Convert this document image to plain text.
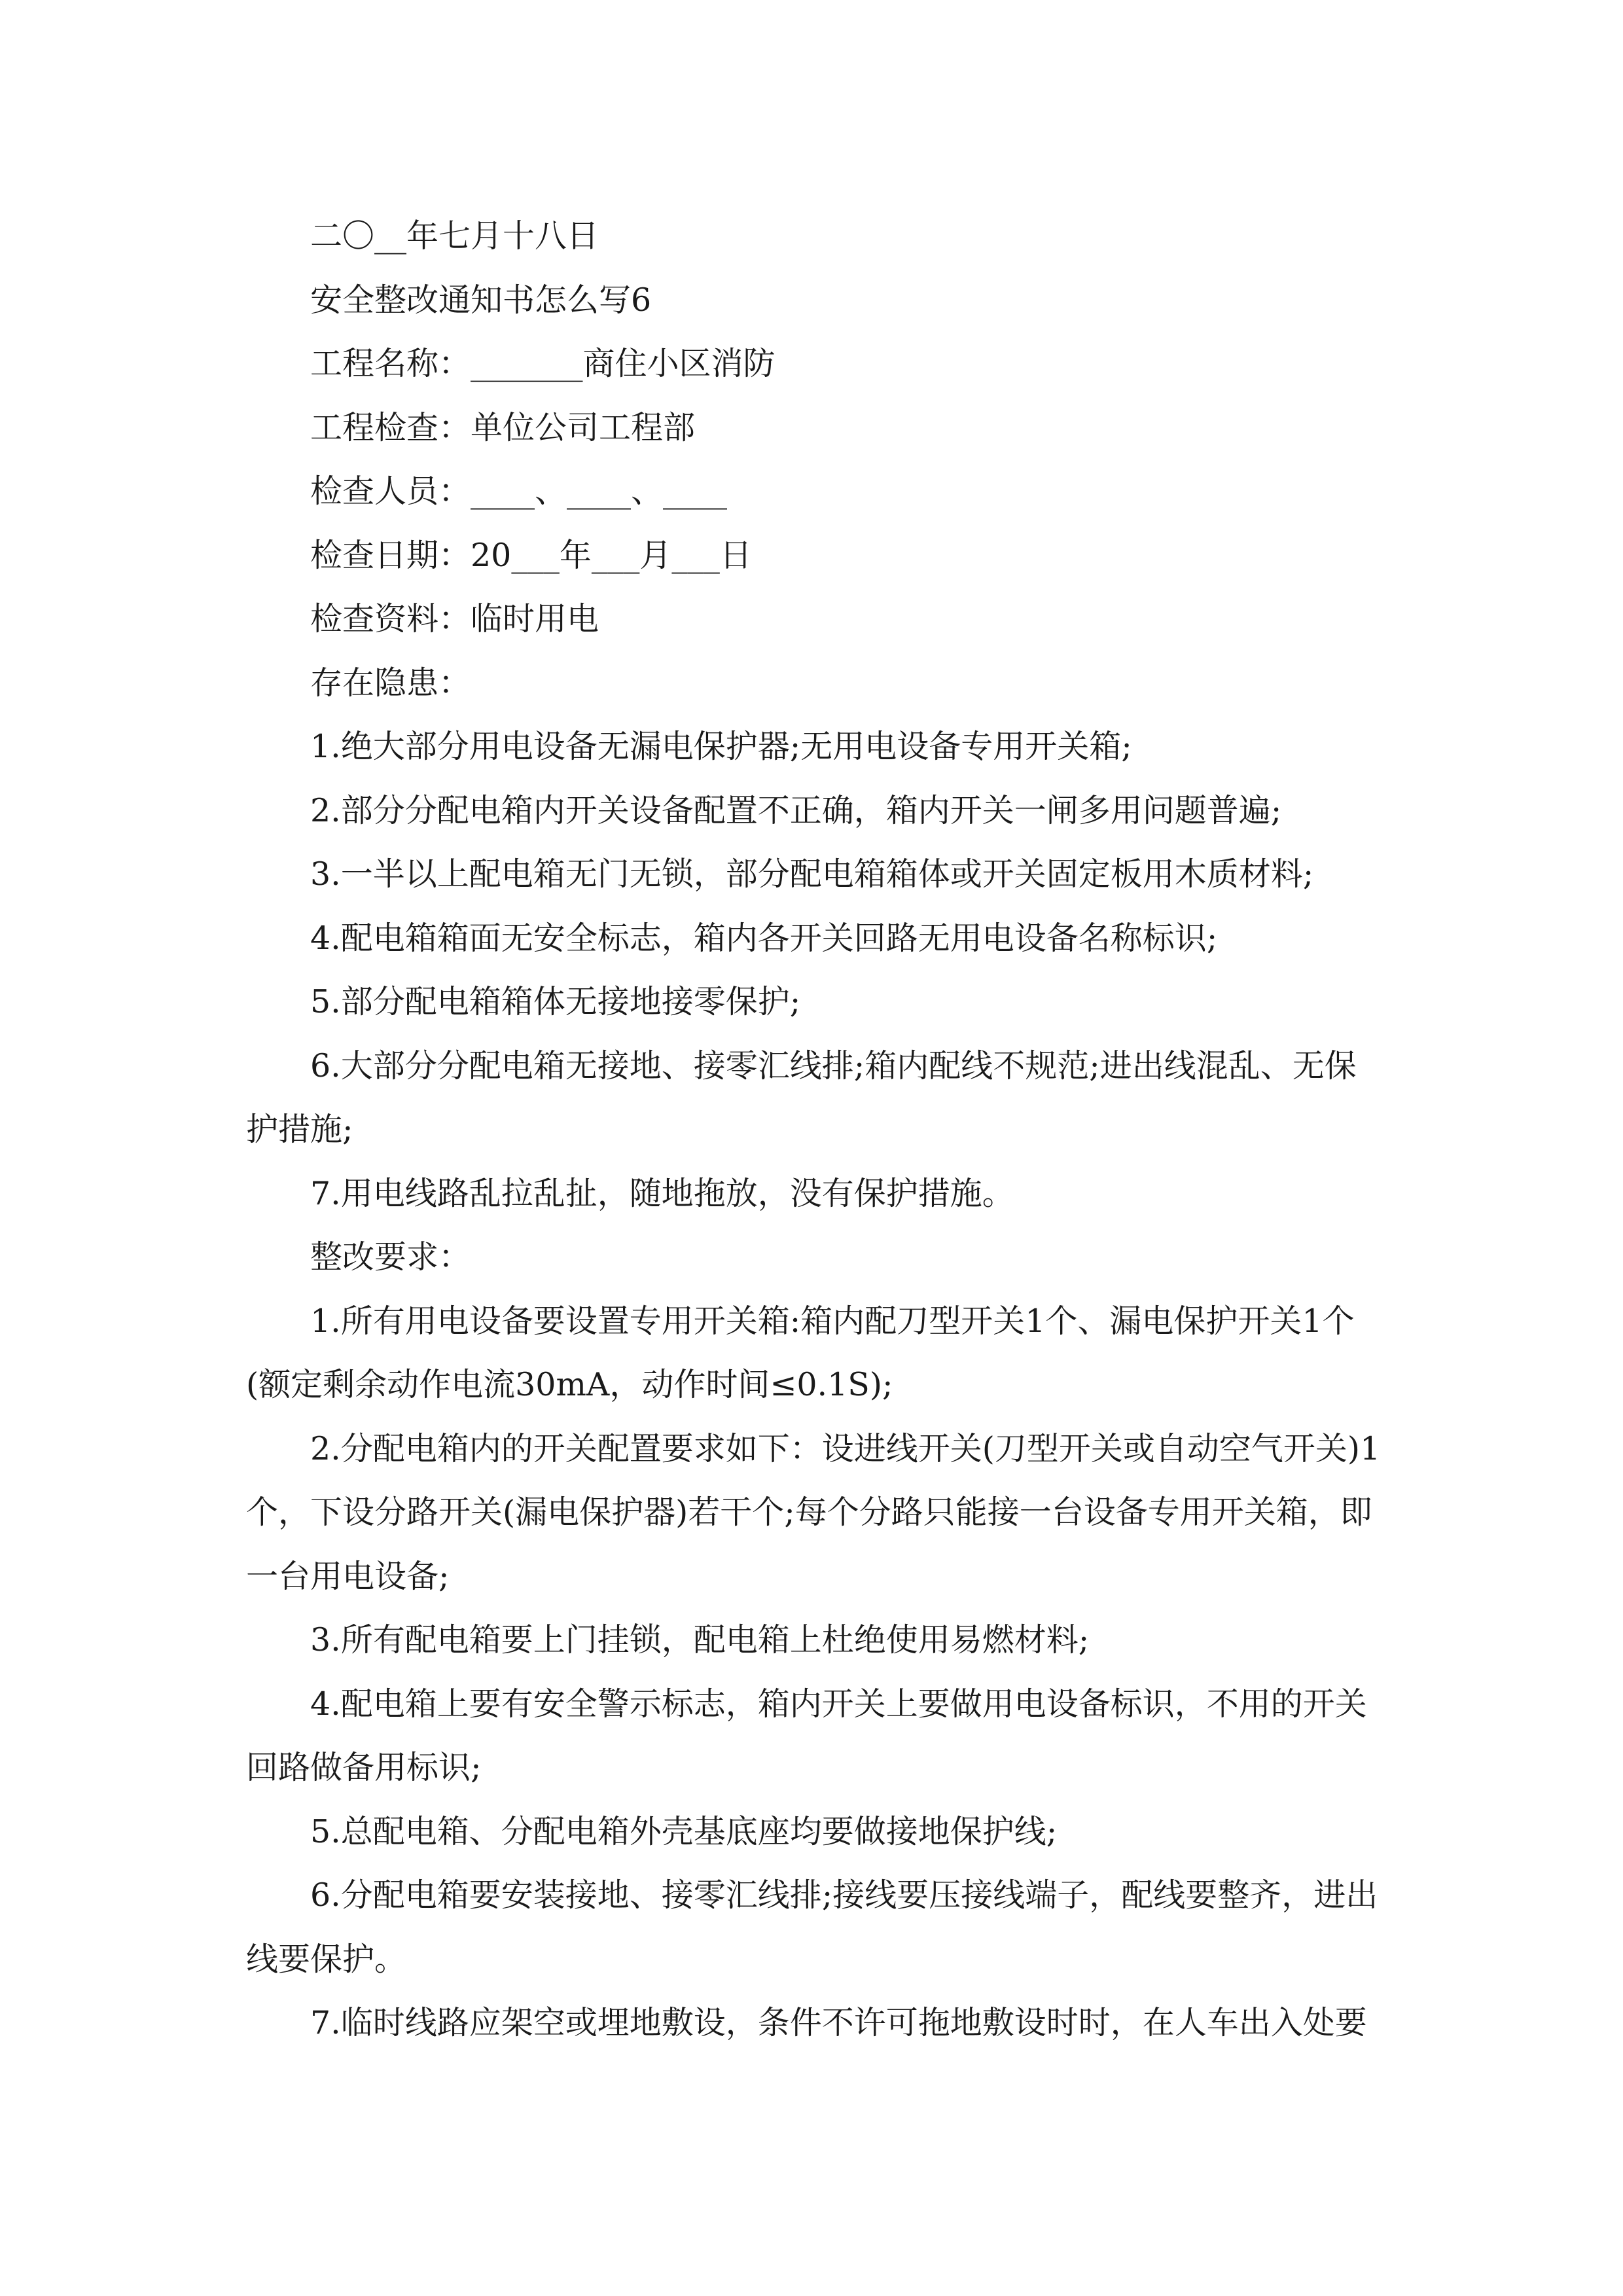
二〇__年七月十八日

安全整改通知书怎么写6

工程名称：_______商住小区消防

工程检查：单位公司工程部

检查人员：____、____、____

检查日期：20___年___月___日

检查资料：临时用电

存在隐患：

1.绝大部分用电设备无漏电保护器;无用电设备专用开关箱;

2.部分分配电箱内开关设备配置不正确，箱内开关一闸多用问题普遍;

3.一半以上配电箱无门无锁，部分配电箱箱体或开关固定板用木质材料;

4.配电箱箱面无安全标志，箱内各开关回路无用电设备名称标识;

5.部分配电箱箱体无接地接零保护;

6.大部分分配电箱无接地、接零汇线排;箱内配线不规范;进出线混乱、无保护措施;

7.用电线路乱拉乱扯，随地拖放，没有保护措施。

整改要求：

1.所有用电设备要设置专用开关箱:箱内配刀型开关1个、漏电保护开关1个(额定剩余动作电流30mA，动作时间≤0.1S);

2.分配电箱内的开关配置要求如下：设进线开关(刀型开关或自动空气开关)1个，下设分路开关(漏电保护器)若干个;每个分路只能接一台设备专用开关箱，即一台用电设备;

3.所有配电箱要上门挂锁，配电箱上杜绝使用易燃材料;

4.配电箱上要有安全警示标志，箱内开关上要做用电设备标识，不用的开关回路做备用标识;

5.总配电箱、分配电箱外壳基底座均要做接地保护线;

6.分配电箱要安装接地、接零汇线排;接线要压接线端子，配线要整齐，进出线要保护。

7.临时线路应架空或埋地敷设，条件不许可拖地敷设时时，在人车出入处要
